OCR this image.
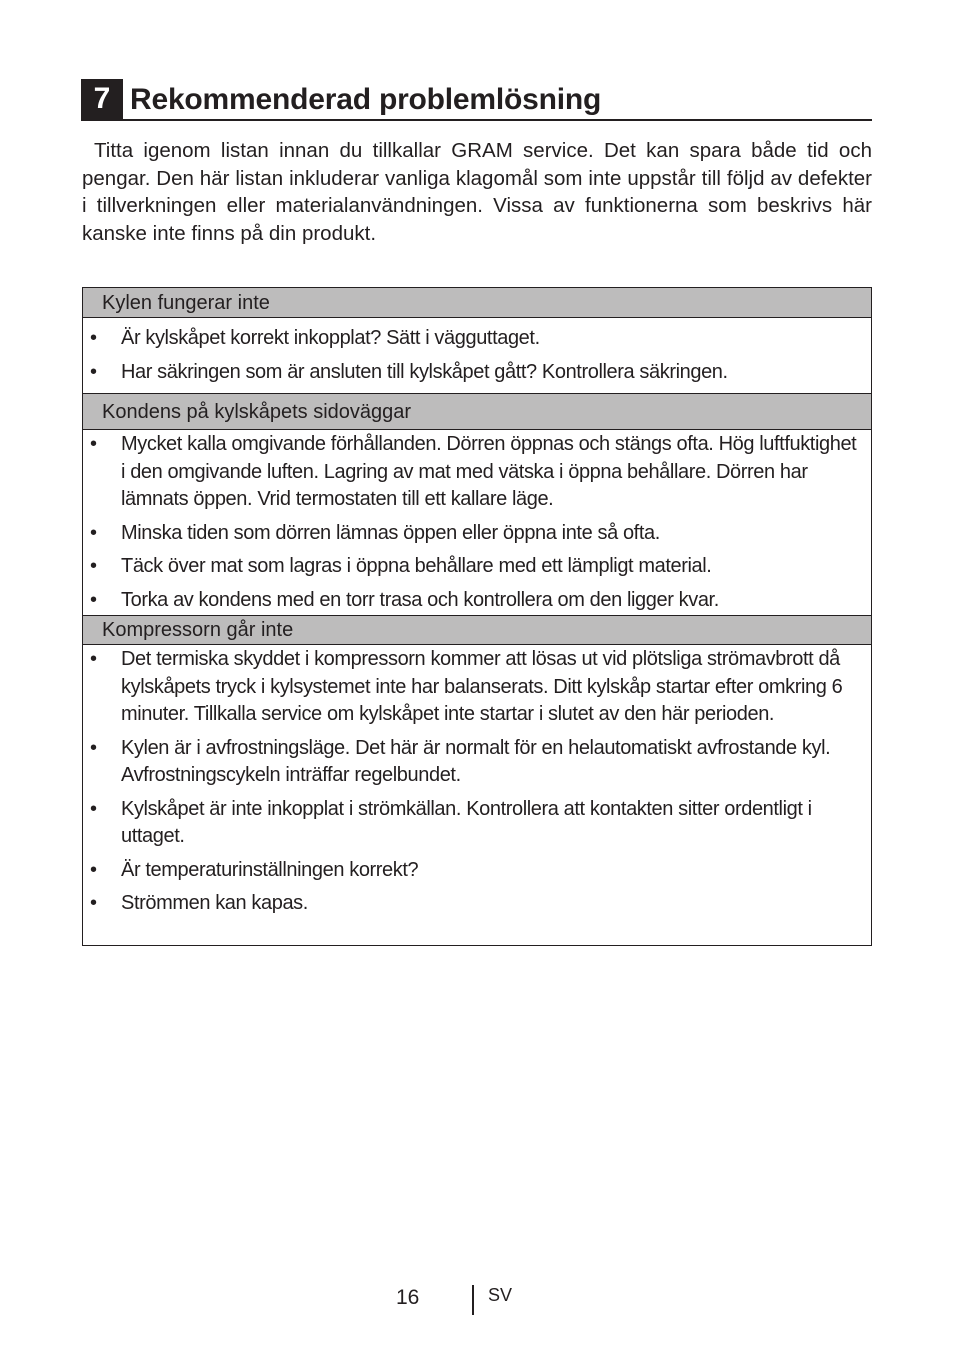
7 Rekommenderad problemlösning

Titta igenom listan innan du tillkallar GRAM service. Det kan spara både tid och pengar. Den här listan inkluderar vanliga klagomål som inte uppstår till följd av defekter i tillverkningen eller materialanvändningen. Vissa av funktionerna som beskrivs här kanske inte finns på din produkt.

Kylen fungerar inte
• Är kylskåpet korrekt inkopplat? Sätt i vägguttaget.
• Har säkringen som är ansluten till kylskåpet gått? Kontrollera säkringen.
Kondens på kylskåpets sidoväggar
• Mycket kalla omgivande förhållanden. Dörren öppnas och stängs ofta. Hög luftfuktighet i den omgivande luften. Lagring av mat med vätska i öppna behållare. Dörren har lämnats öppen. Vrid termostaten till ett kallare läge.
• Minska tiden som dörren lämnas öppen eller öppna inte så ofta.
• Täck över mat som lagras i öppna behållare med ett lämpligt material.
• Torka av kondens med en torr trasa och kontrollera om den ligger kvar.
Kompressorn går inte
• Det termiska skyddet i kompressorn kommer att lösas ut vid plötsliga strömavbrott då kylskåpets tryck i kylsystemet inte har balanserats. Ditt kylskåp startar efter omkring 6 minuter. Tillkalla service om kylskåpet inte startar i slutet av den här perioden.
• Kylen är i avfrostningsläge. Det här är normalt för en helautomatiskt avfrostande kyl. Avfrostningscykeln inträffar regelbundet.
• Kylskåpet är inte inkopplat i strömkällan. Kontrollera att kontakten sitter ordentligt i uttaget.
• Är temperaturinställningen korrekt?
• Strömmen kan kapas.
16	SV
